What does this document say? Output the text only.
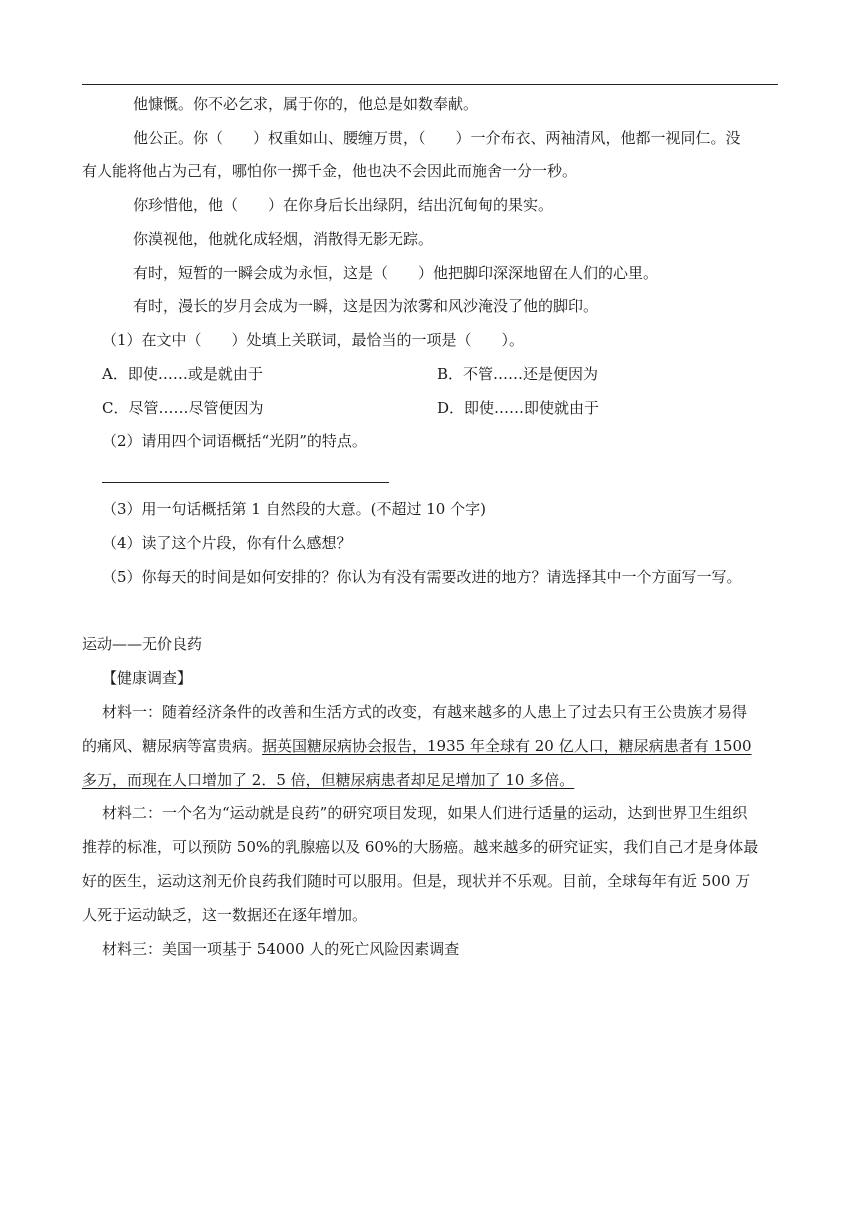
他慷慨。你不必乞求，属于你的，他总是如数奉献。
他公正。你（　　）权重如山、腰缠万贯，（　　）一介布衣、两袖清风，他都一视同仁。没
有人能将他占为己有，哪怕你一掷千金，他也决不会因此而施舍一分一秒。
你珍惜他，他（　　）在你身后长出绿阴，结出沉甸甸的果实。
你漠视他，他就化成轻烟，消散得无影无踪。
有时，短暂的一瞬会成为永恒，这是（　　）他把脚印深深地留在人们的心里。
有时，漫长的岁月会成为一瞬，这是因为浓雾和风沙淹没了他的脚印。
（1）在文中（　　）处填上关联词，最恰当的一项是（　　）。
A．即使……或是就由于	B．不管……还是便因为
C．尽管……尽管便因为	D．即使……即使就由于
（2）请用四个词语概括“光阴”的特点。
（3）用一句话概括第 1 自然段的大意。(不超过 10 个字)
（4）读了这个片段，你有什么感想？
（5）你每天的时间是如何安排的？你认为有没有需要改进的地方？请选择其中一个方面写一写。
运动——无价良药
【健康调查】
材料一：随着经济条件的改善和生活方式的改变，有越来越多的人患上了过去只有王公贵族才易得
的痛风、糖尿病等富贵病。据英国糖尿病协会报告，1935 年全球有 20 亿人口，糖尿病患者有 1500
多万，而现在人口增加了 2．5 倍，但糖尿病患者却足足增加了 10 多倍。
材料二：一个名为“运动就是良药”的研究项目发现，如果人们进行适量的运动，达到世界卫生组织
推荐的标准，可以预防 50%的乳腺癌以及 60%的大肠癌。越来越多的研究证实，我们自己才是身体最
好的医生，运动这剂无价良药我们随时可以服用。但是，现状并不乐观。目前，全球每年有近 500 万
人死于运动缺乏，这一数据还在逐年增加。
材料三：美国一项基于 54000 人的死亡风险因素调查
